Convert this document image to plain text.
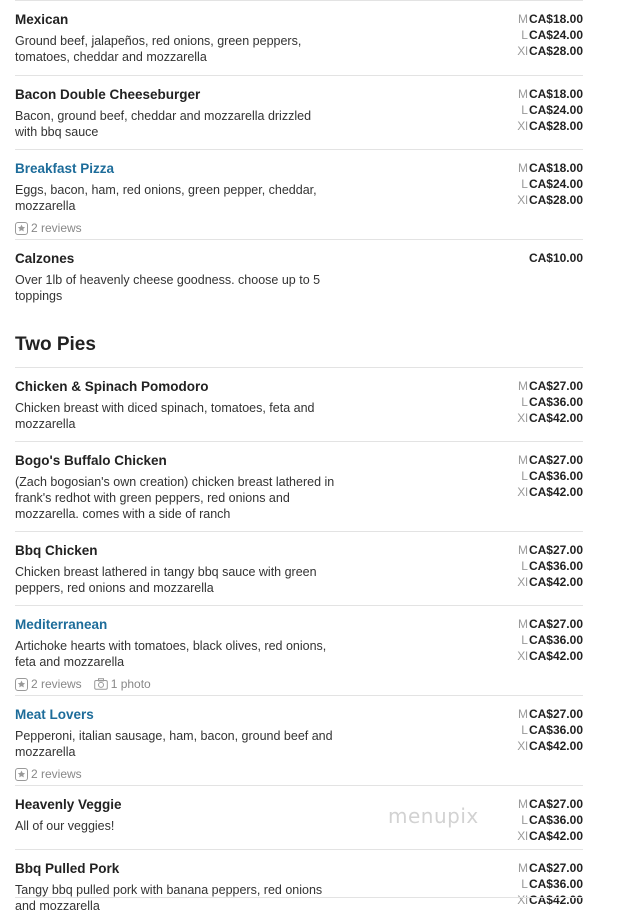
Mexican
Ground beef, jalapeños, red onions, green peppers, tomatoes, cheddar and mozzarella
MCA$18.00
LCA$24.00
XlCA$28.00
Bacon Double Cheeseburger
Bacon, ground beef, cheddar and mozzarella drizzled with bbq sauce
MCA$18.00
LCA$24.00
XlCA$28.00
Breakfast Pizza
Eggs, bacon, ham, red onions, green pepper, cheddar, mozzarella
2 reviews
MCA$18.00
LCA$24.00
XlCA$28.00
Calzones
Over 1lb of heavenly cheese goodness. choose up to 5 toppings
CA$10.00
Two Pies
Chicken & Spinach Pomodoro
Chicken breast with diced spinach, tomatoes, feta and mozzarella
MCA$27.00
LCA$36.00
XlCA$42.00
Bogo's Buffalo Chicken
(Zach bogosian's own creation) chicken breast lathered in frank's redhot with green peppers, red onions and mozzarella. comes with a side of ranch
MCA$27.00
LCA$36.00
XlCA$42.00
Bbq Chicken
Chicken breast lathered in tangy bbq sauce with green peppers, red onions and mozzarella
MCA$27.00
LCA$36.00
XlCA$42.00
Mediterranean
Artichoke hearts with tomatoes, black olives, red onions, feta and mozzarella
2 reviews 1 photo
MCA$27.00
LCA$36.00
XlCA$42.00
Meat Lovers
Pepperoni, italian sausage, ham, bacon, ground beef and mozzarella
2 reviews
MCA$27.00
LCA$36.00
XlCA$42.00
Heavenly Veggie
All of our veggies!
MCA$27.00
LCA$36.00
XlCA$42.00
Bbq Pulled Pork
Tangy bbq pulled pork with banana peppers, red onions and mozzarella
MCA$27.00
LCA$36.00
XlCA$42.00
menupix
